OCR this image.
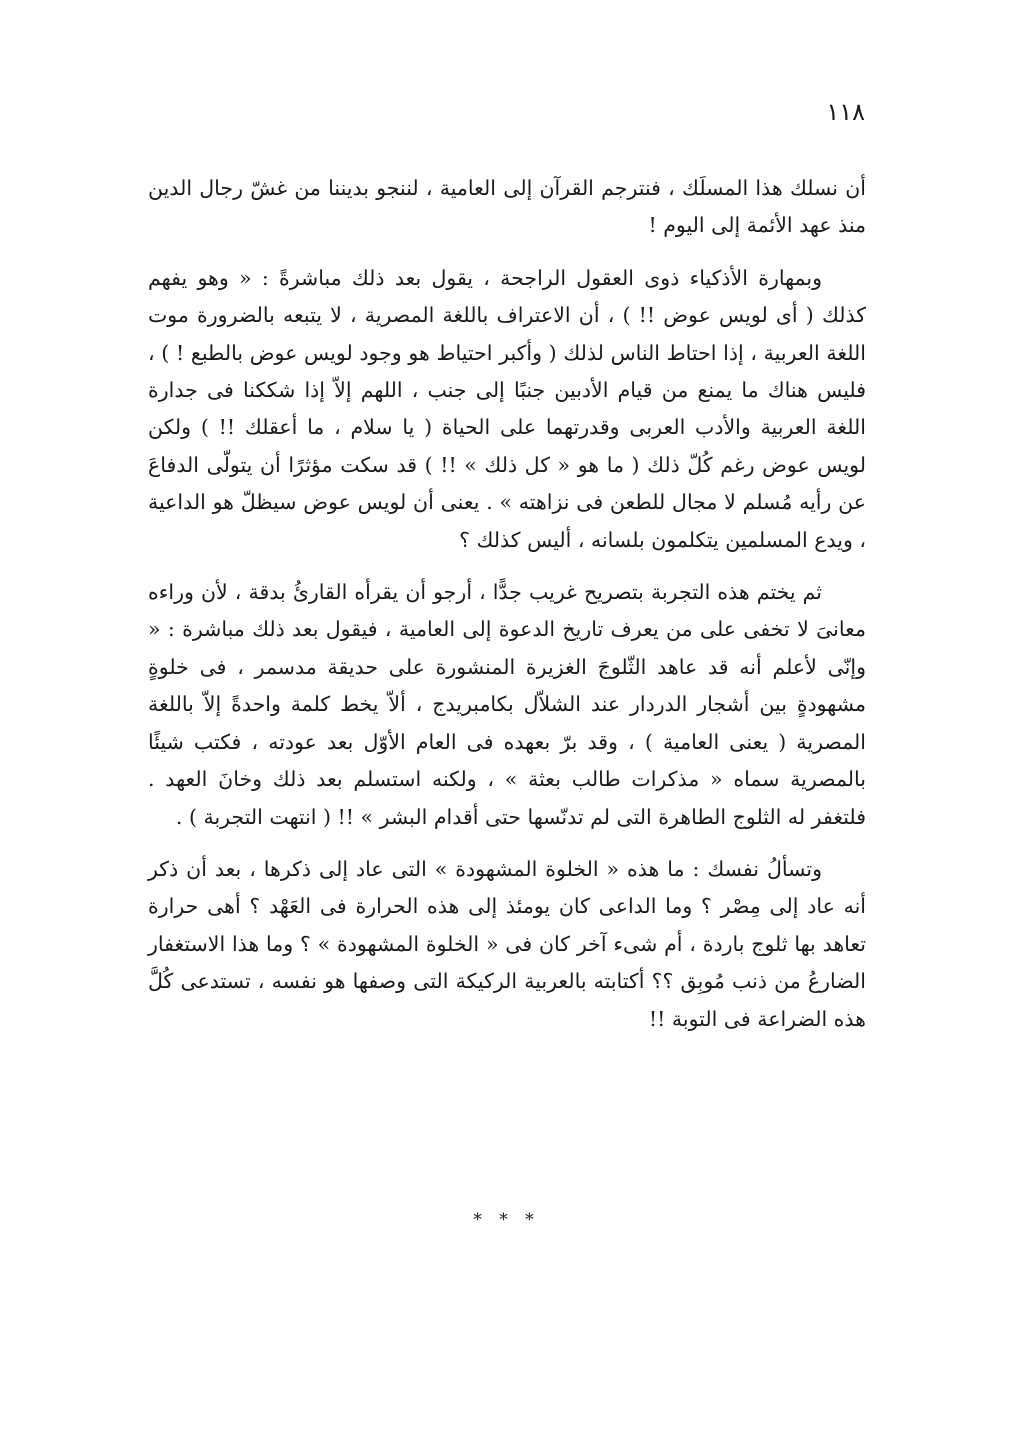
١١٨

أن نسلك هذا المسلَك ، فنترجم القرآن إلى العامية ، لننجو بديننا من غشّ رجال الدين منذ عهد الأئمة إلى اليوم !

وبمهارة الأذكياء ذوى العقول الراجحة ، يقول بعد ذلك مباشرةً : « وهو يفهم كذلك ( أى لويس عوض !! ) ، أن الاعتراف باللغة المصرية ، لا يتبعه بالضرورة موت اللغة العربية ، إذا احتاط الناس لذلك ( وأكبر احتياط هو وجود لويس عوض بالطبع ! ) ، فليس هناك ما يمنع من قيام الأدبين جنبًا إلى جنب ، اللهم إلاّ إذا شككنا فى جدارة اللغة العربية والأدب العربى وقدرتهما على الحياة ( يا سلام ، ما أعقلك !! ) ولكن لويس عوض رغم كُلّ ذلك ( ما هو « كل ذلك » !! ) قد سكت مؤثرًا أن يتولّى الدفاعَ عن رأيه مُسلم لا مجال للطعن فى نزاهته » . يعنى أن لويس عوض سيظلّ هو الداعية ، ويدع المسلمين يتكلمون بلسانه ، أليس كذلك ؟

ثم يختم هذه التجربة بتصريح غريب جدًّا ، أرجو أن يقرأه القارئُ بدقة ، لأن وراءه معانىَ لا تخفى على من يعرف تاريخ الدعوة إلى العامية ، فيقول بعد ذلك مباشرة : « وإنّى لأعلم أنه قد عاهد الثّلوجَ الغزيرة المنشورة على حديقة مدسمر ، فى خلوةٍ مشهودةٍ بين أشجار الدردار عند الشلاّل بكامبريدج ، ألاّ يخط كلمة واحدةً إلاّ باللغة المصرية ( يعنى العامية ) ، وقد برّ بعهده فى العام الأوّل بعد عودته ، فكتب شيئًا بالمصرية سماه « مذكرات طالب بعثة » ، ولكنه استسلم بعد ذلك وخانَ العهد . فلتغفر له الثلوج الطاهرة التى لم تدنّسها حتى أقدام البشر » !! ( انتهت التجربة ) .

وتسألُ نفسك : ما هذه « الخلوة المشهودة » التى عاد إلى ذكرها ، بعد أن ذكر أنه عاد إلى مِصْر ؟ وما الداعى كان يومئذ إلى هذه الحرارة فى العَهْد ؟ أهى حرارة تعاهد بها ثلوج باردة ، أم شىء آخر كان فى « الخلوة المشهودة » ؟ وما هذا الاستغفار الضارعُ من ذنب مُوبِق ؟؟ أكتابته بالعربية الركيكة التى وصفها هو نفسه ، تستدعى كُلَّ هذه الضراعة فى التوبة !!

* * *
